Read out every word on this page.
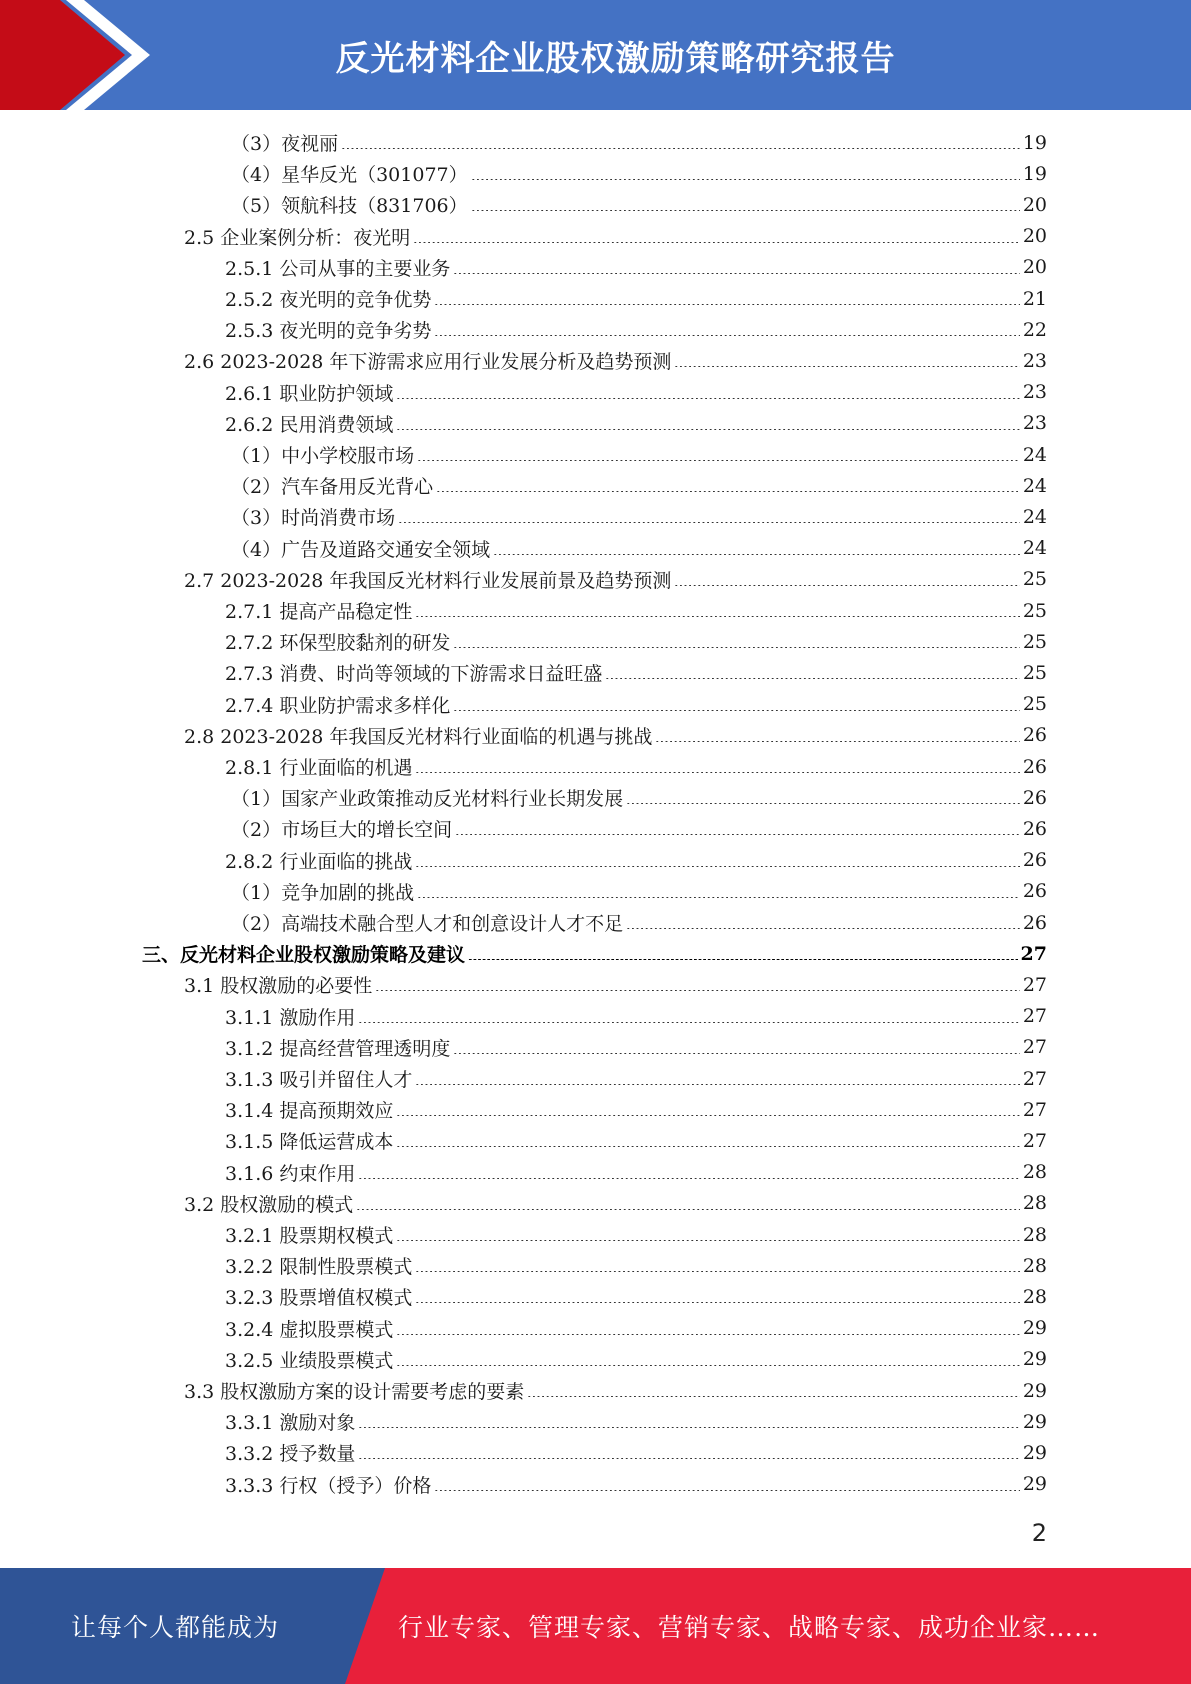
反光材料企业股权激励策略研究报告
（3）夜视丽	19
（4）星华反光（301077）	19
（5）领航科技（831706）	20
2.5 企业案例分析：夜光明	20
2.5.1 公司从事的主要业务	20
2.5.2 夜光明的竞争优势	21
2.5.3 夜光明的竞争劣势	22
2.6 2023-2028 年下游需求应用行业发展分析及趋势预测	23
2.6.1 职业防护领域	23
2.6.2 民用消费领域	23
（1）中小学校服市场	24
（2）汽车备用反光背心	24
（3）时尚消费市场	24
（4）广告及道路交通安全领域	24
2.7 2023-2028 年我国反光材料行业发展前景及趋势预测	25
2.7.1 提高产品稳定性	25
2.7.2 环保型胶黏剂的研发	25
2.7.3 消费、时尚等领域的下游需求日益旺盛	25
2.7.4 职业防护需求多样化	25
2.8 2023-2028 年我国反光材料行业面临的机遇与挑战	26
2.8.1 行业面临的机遇	26
（1）国家产业政策推动反光材料行业长期发展	26
（2）市场巨大的增长空间	26
2.8.2 行业面临的挑战	26
（1）竞争加剧的挑战	26
（2）高端技术融合型人才和创意设计人才不足	26
三、反光材料企业股权激励策略及建议	27
3.1 股权激励的必要性	27
3.1.1 激励作用	27
3.1.2 提高经营管理透明度	27
3.1.3 吸引并留住人才	27
3.1.4 提高预期效应	27
3.1.5 降低运营成本	27
3.1.6 约束作用	28
3.2 股权激励的模式	28
3.2.1 股票期权模式	28
3.2.2 限制性股票模式	28
3.2.3 股票增值权模式	28
3.2.4 虚拟股票模式	29
3.2.5 业绩股票模式	29
3.3 股权激励方案的设计需要考虑的要素	29
3.3.1 激励对象	29
3.3.2 授予数量	29
3.3.3 行权（授予）价格	29
2
让每个人都能成为	行业专家、管理专家、营销专家、战略专家、成功企业家……
